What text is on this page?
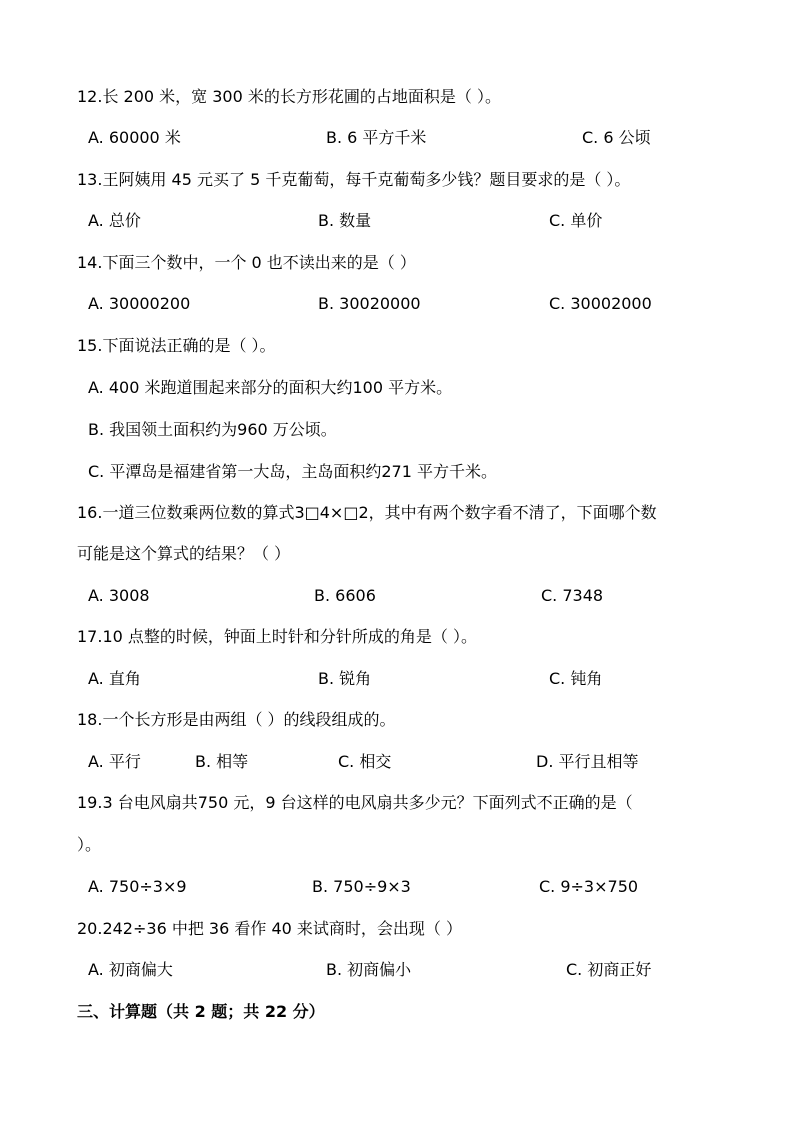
12.长 200 米，宽 300 米的长方形花圃的占地面积是（ ）。
A. 60000 米	B. 6 平方千米	C. 6 公顷
13.王阿姨用 45 元买了 5 千克葡萄，每千克葡萄多少钱？题目要求的是（ ）。
A. 总价	B. 数量	C. 单价
14.下面三个数中，一个 0 也不读出来的是（ ）
A. 30000200	B. 30020000	C. 30002000
15.下面说法正确的是（ ）。
A. 400 米跑道围起来部分的面积大约100 平方米。
B. 我国领土面积约为960 万公顷。
C. 平潭岛是福建省第一大岛，主岛面积约271 平方千米。
16.一道三位数乘两位数的算式3□4×□2，其中有两个数字看不清了，下面哪个数
可能是这个算式的结果？（ ）
A. 3008	B. 6606	C. 7348
17.10 点整的时候，钟面上时针和分针所成的角是（ ）。
A. 直角	B. 锐角	C. 钝角
18.一个长方形是由两组（ ）的线段组成的。
A. 平行	B. 相等	C. 相交	D. 平行且相等
19.3 台电风扇共750 元，9 台这样的电风扇共多少元？下面列式不正确的是（
）。
A. 750÷3×9	B. 750÷9×3	C. 9÷3×750
20.242÷36 中把 36 看作 40 来试商时，会出现（ ）
A. 初商偏大	B. 初商偏小	C. 初商正好
三、计算题（共 2 题；共 22 分）
